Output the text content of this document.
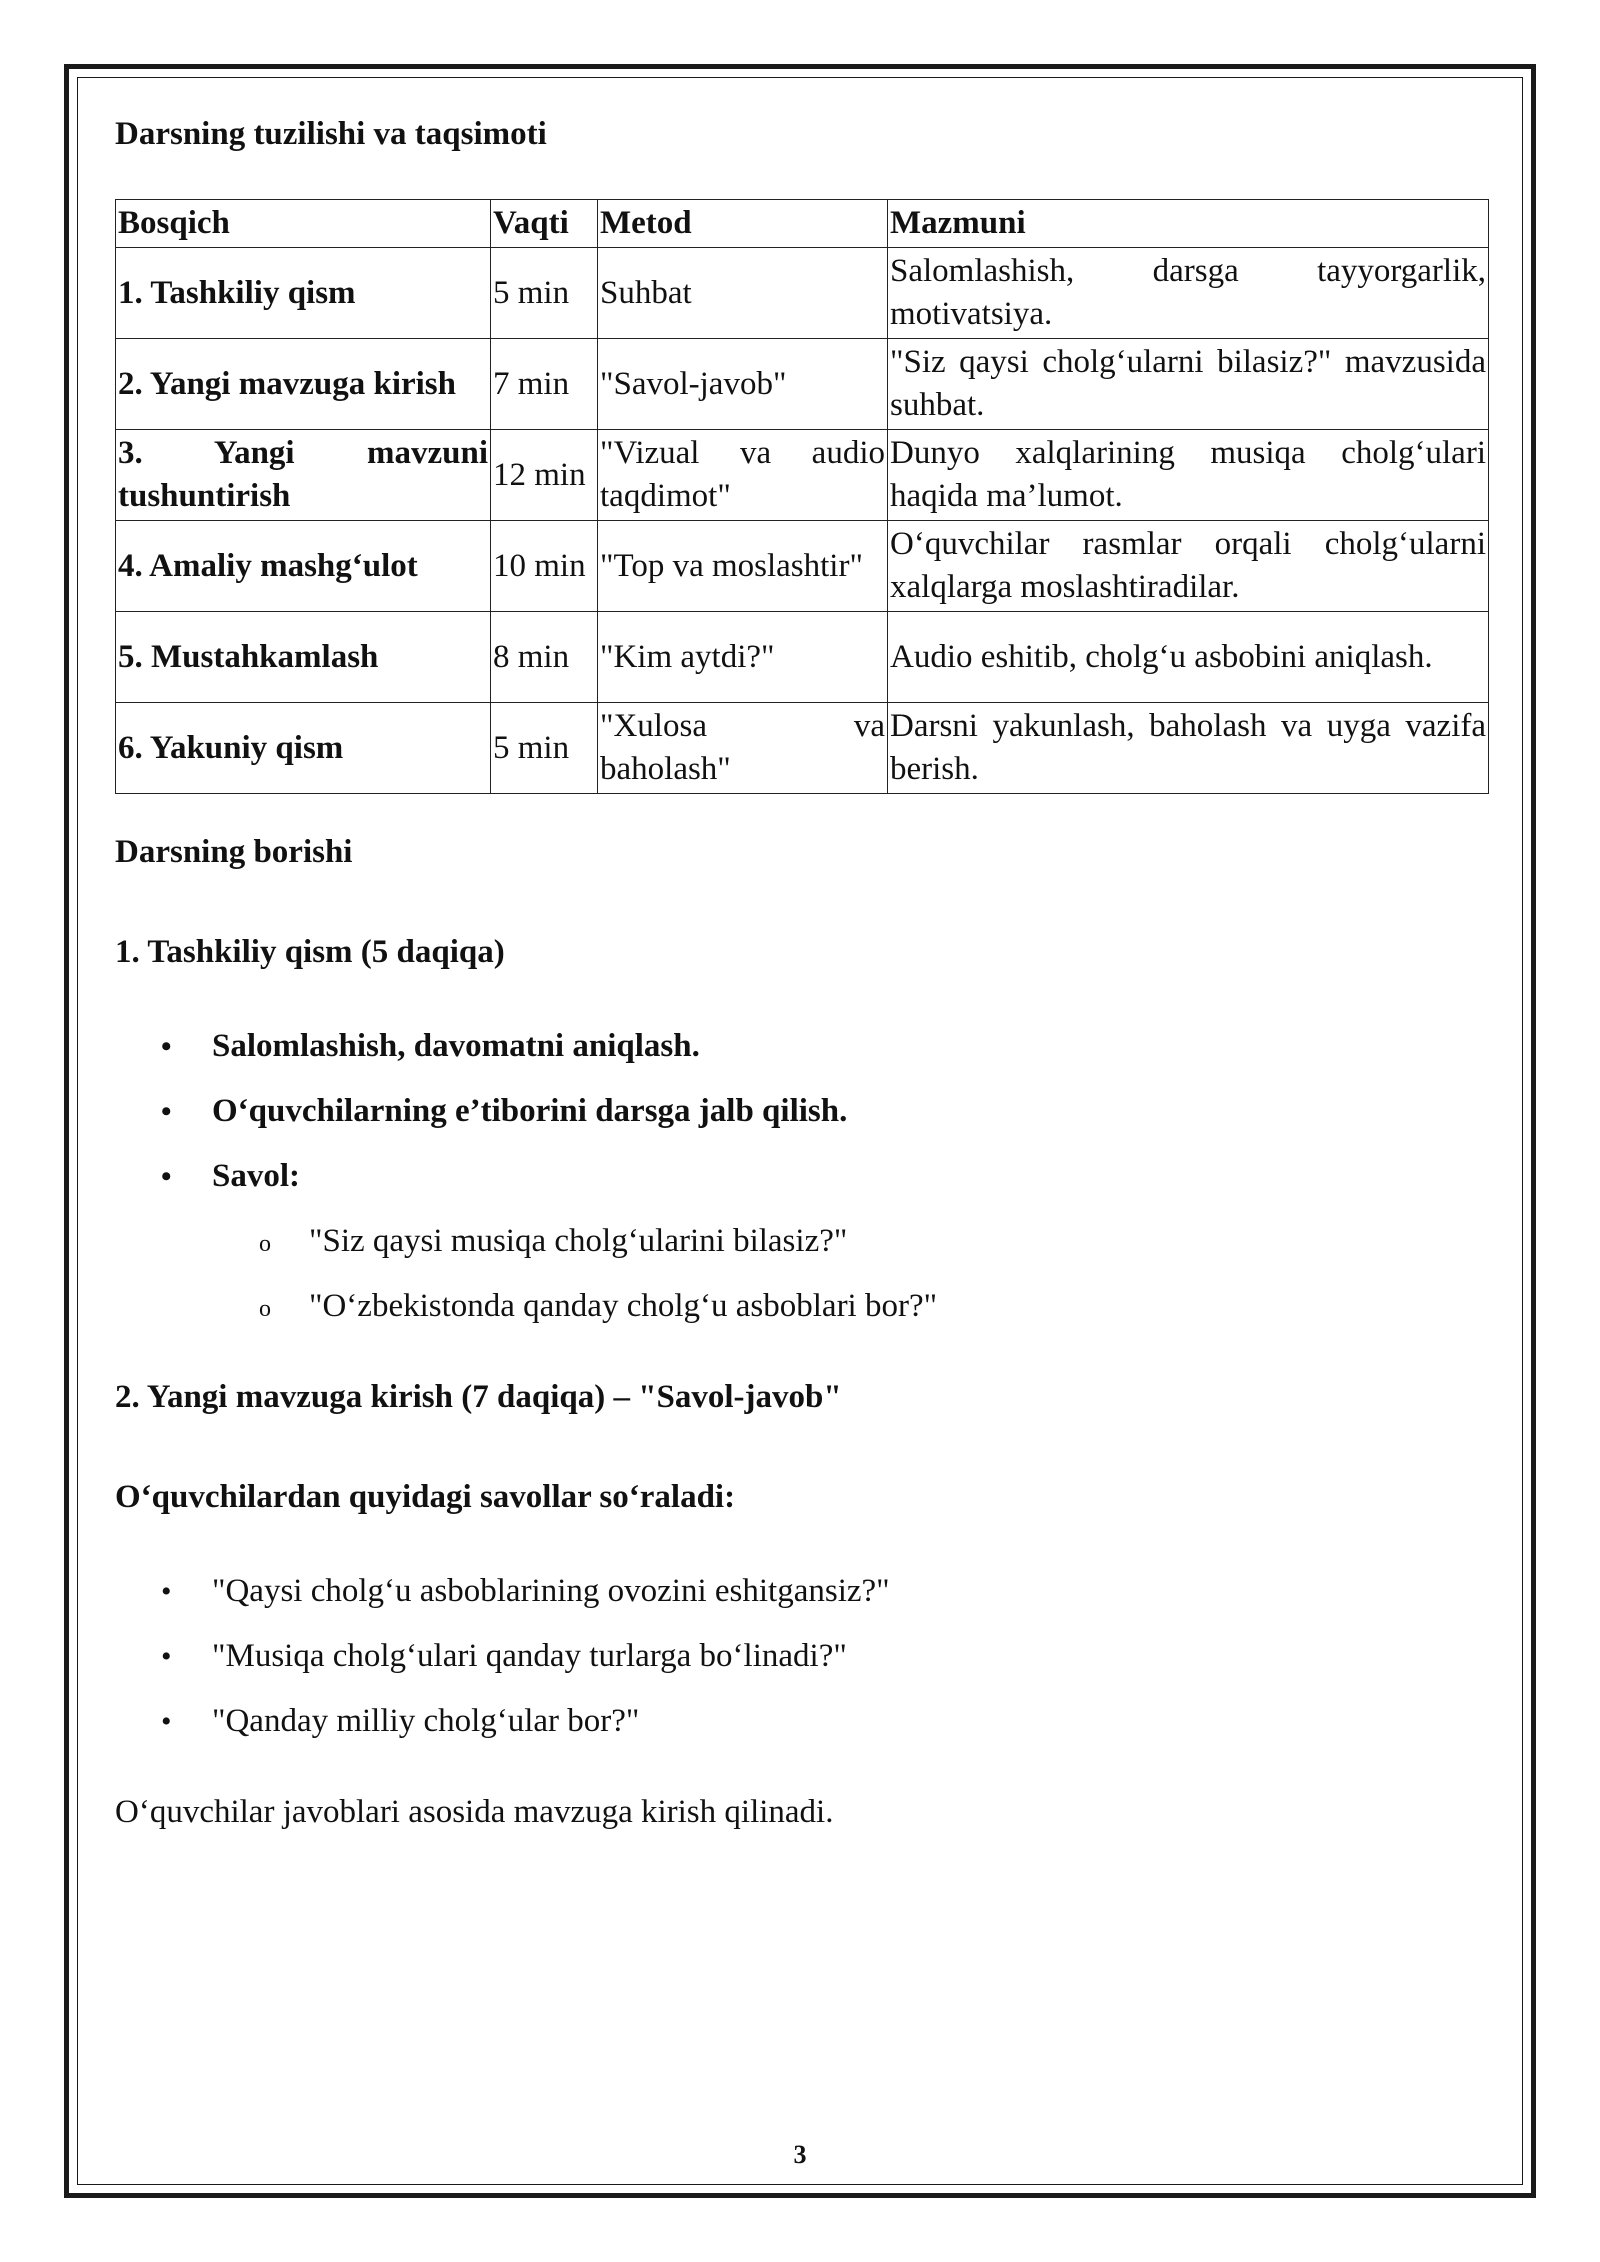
Darsning tuzilishi va taqsimoti

Bosqich	Vaqti	Metod	Mazmuni
1. Tashkiliy qism	5 min	Suhbat	Salomlashish, darsga tayyorgarlik, motivatsiya.
2. Yangi mavzuga kirish	7 min	"Savol-javob"	"Siz qaysi cholg‘ularni bilasiz?" mavzusida suhbat.
3. Yangi mavzuni tushuntirish	12 min	"Vizual va audio taqdimot"	Dunyo xalqlarining musiqa cholg‘ulari haqida ma’lumot.
4. Amaliy mashg‘ulot	10 min	"Top va moslashtir"	O‘quvchilar rasmlar orqali cholg‘ularni xalqlarga moslashtiradilar.
5. Mustahkamlash	8 min	"Kim aytdi?"	Audio eshitib, cholg‘u asbobini aniqlash.
6. Yakuniy qism	5 min	"Xulosa va baholash"	Darsni yakunlash, baholash va uyga vazifa berish.

Darsning borishi

1. Tashkiliy qism (5 daqiqa)

• Salomlashish, davomatni aniqlash.
• O‘quvchilarning e’tiborini darsga jalb qilish.
• Savol:
o "Siz qaysi musiqa cholg‘ularini bilasiz?"
o "O‘zbekistonda qanday cholg‘u asboblari bor?"

2. Yangi mavzuga kirish (7 daqiqa) – "Savol-javob"

O‘quvchilardan quyidagi savollar so‘raladi:

• "Qaysi cholg‘u asboblarining ovozini eshitgansiz?"
• "Musiqa cholg‘ulari qanday turlarga bo‘linadi?"
• "Qanday milliy cholg‘ular bor?"

O‘quvchilar javoblari asosida mavzuga kirish qilinadi.

3
